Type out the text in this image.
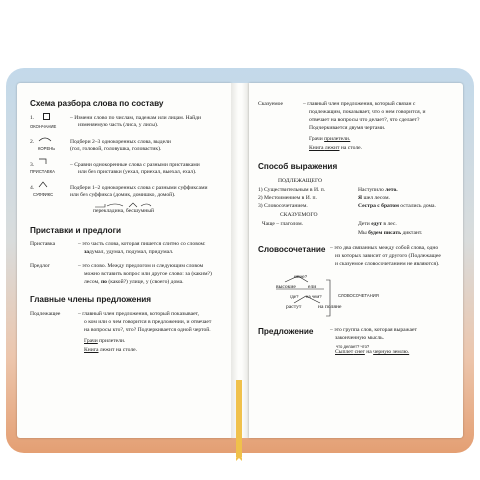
Схема разбора слова по составу
1.
ОКОНЧАНИЕ
– Измени слово по числам, падежам или лицам. Найди
изменяемую часть (лиса, у лисы).
2.
КОРЕНЬ
Подбери 2–3 однокоренных слова, выдели
(гол, головой, головушка, головастик).
3.
ПРИСТАВКА
– Сравни однокоренные слова с разными приставками
или без приставки (уехал, приехал, выехал, ехал).
4.
СУФФИКС
Подбери 1–2 однокоренных слова с разными суффиксами
или без суффикса (домик, домишко, домой).
перекладина, бесшумный
Приставки и предлоги
Приставка	– это часть слова, которая пишется слитно со словом:
задумал, удумал, подумал, придумал.
Предлог	– это слово. Между предлогом и следующим словом
можно вставить вопрос или другое слово: за (каким?)
лесом, по (какой?) улице, у (своего) дома.
Главные члены предложения
Подлежащее	– главный член предложения, который показывает,
о ком или о чем говорится в предложении, и отвечает
на вопросы кто?, что? Подчеркивается одной чертой.
Грачи прилетели.
Книга лежит на столе.
Сказуемое	– главный член предложения, который связан с
подлежащим, показывает, что о нем говорится, и
отвечает на вопросы что делает?, что сделает?
Подчеркивается двумя чертами.
Грачи прилетели.
Книга лежит на столе.
Способ выражения
ПОДЛЕЖАЩЕГО
1) Существительным в И. п.	Наступило лето.
2) Местоимением в И. п.	Я шел лесом.
3) Словосочетанием.	Сестра с братом остались дома.
СКАЗУЕМОГО
Чаще – глаголом.	Дети едут в лес.
Мы будем писать диктант.
Словосочетание – это два связанных между собой слова, одно
из которых зависит от другого (Подлежащее
и сказуемое словосочетанием не являются).
какие?
высокие ели
где? на чем?
растут	на поляне
СЛОВОСОЧЕТАНИЯ
Предложение	– это группа слов, которая выражает
законченную мысль.
что делает? что?
Сыплет снег на черную землю.
